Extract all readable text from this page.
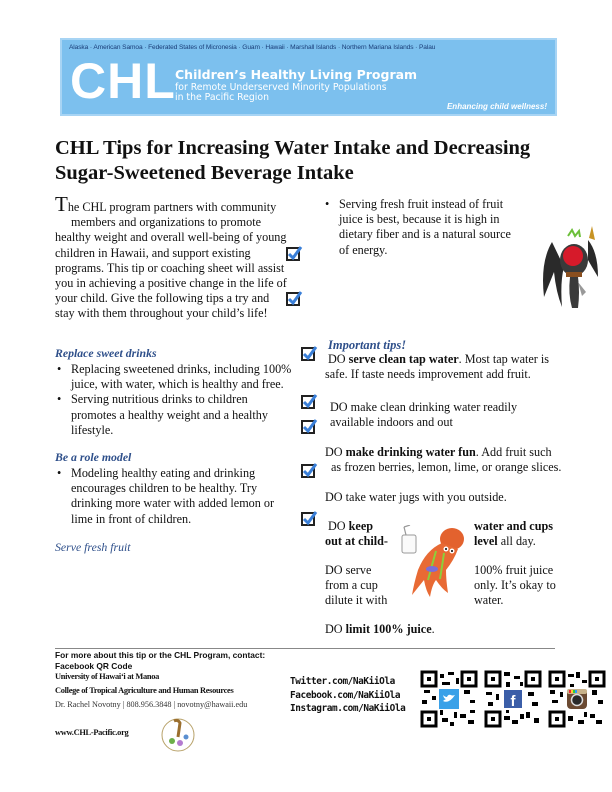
Alaska · American Samoa · Federated States of Micronesia · Guam · Hawaii · Marshall Islands · Northern Mariana Islands · Palau
CHL Children’s Healthy Living Program
for Remote Underserved Minority Populations
in the Pacific Region
Enhancing child wellness!
CHL Tips for Increasing Water Intake and Decreasing Sugar-Sweetened Beverage Intake
The CHL program partners with community
members and organizations to promote
healthy weight and overall well-being of young children in Hawaii, and support existing programs. This tip or coaching sheet will assist you in achieving a positive change in the life of your child. Give the following tips a try and stay with them throughout your child’s life!
Replace sweet drinks
• Replacing sweetened drinks, including 100% juice, with water, which is healthy and free.
• Serving nutritious drinks to children promotes a healthy weight and a healthy lifestyle.
Be a role model
• Modeling healthy eating and drinking encourages children to be healthy. Try drinking more water with added lemon or lime in front of children.
Serve fresh fruit
• Serving fresh fruit instead of fruit juice is best, because it is high in dietary fiber and is a natural source of energy.
Important tips!
DO serve clean tap water. Most tap water is
safe. If taste needs improvement add fruit.
DO make clean drinking water readily
available indoors and out
DO make drinking water fun. Add fruit such
as frozen berries, lemon, lime, or orange slices.
DO take water jugs with you outside.
DO keep
out at child-
water and cups
level all day.
DO serve
from a cup
dilute it with
100% fruit juice
only. It’s okay to
water.
DO limit 100% juice.
For more about this tip or the CHL Program, contact:
Facebook QR Code
University of Hawaiʻi at Manoa
College of Tropical Agriculture and Human Resources
Dr. Rachel Novotny | 808.956.3848 | novotny@hawaii.edu
www.CHL-Pacific.org
Twitter.com/NaKiiOla
Facebook.com/NaKiiOla
Instagram.com/NaKiiOla	f
